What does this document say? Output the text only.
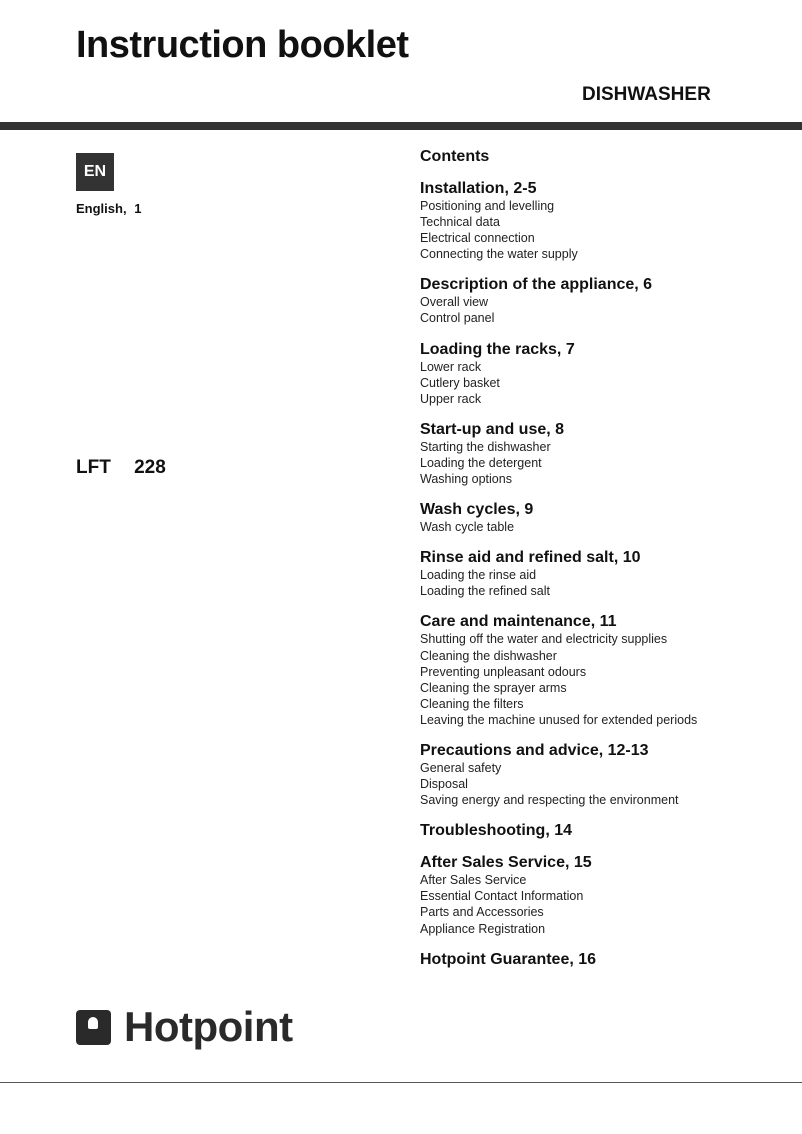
Instruction booklet
DISHWASHER
EN
English, 1
LFT 228
Contents
Installation, 2-5
Positioning and levelling
Technical data
Electrical connection
Connecting the water supply
Description of the appliance, 6
Overall view
Control panel
Loading the racks, 7
Lower rack
Cutlery basket
Upper rack
Start-up and use, 8
Starting the dishwasher
Loading the detergent
Washing options
Wash cycles, 9
Wash cycle table
Rinse aid and refined salt, 10
Loading the rinse aid
Loading the refined salt
Care and maintenance, 11
Shutting off the water and electricity supplies
Cleaning the dishwasher
Preventing unpleasant odours
Cleaning the sprayer arms
Cleaning the filters
Leaving the machine unused for extended periods
Precautions and advice, 12-13
General safety
Disposal
Saving energy and respecting the environment
Troubleshooting, 14
After Sales Service, 15
After Sales Service
Essential Contact Information
Parts and Accessories
Appliance Registration
Hotpoint Guarantee, 16
Hotpoint
